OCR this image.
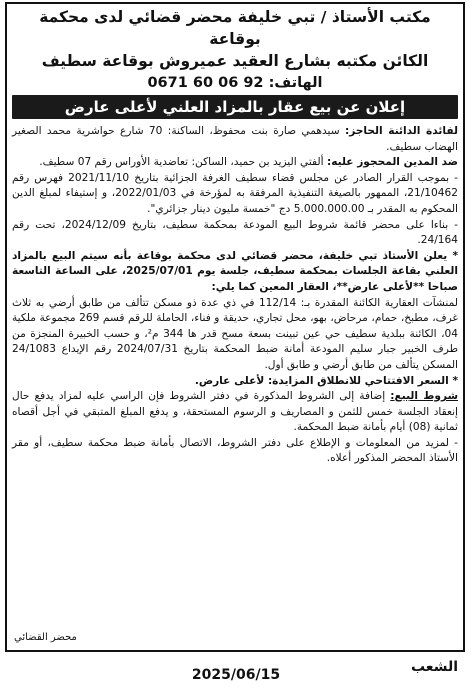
مكتب الأستاذ / تبي خليفة محضر قضائي لدى محكمة بوقاعة
الكائن مكتبه بشارع العقيد عميروش بوقاعة سطيف
الهاتف: 0671 60 06 92
إعلان عن بيع عقار بالمزاد العلني لأعلى عارض

لفائدة الدائنة الحاجز: سيدهمي صارة بنت محفوظ، الساكنة: 70 شارع حواشرية محمد الصغير الهضاب سطيف.

ضد المدين المحجوز عليه: ألفتي اليزيد بن حميد، الساكن: تعاضدية الأوراس رقم 07 سطيف.

- بموجب القرار الصادر عن مجلس قضاء سطيف الغرفة الجزائية بتاريخ 2021/11/10 فهرس رقم 21/10462، الممهور بالصيغة التنفيذية المرفقة به لمؤرخة في 2022/01/03، و إستيفاء لمبلغ الدين المحكوم به المقدر بـ 5.000.000.00 دج "خمسة مليون دينار جزائري".

- بناءا على محضر قائمة شروط البيع المودعة بمحكمة سطيف، بتاريخ 2024/12/09، تحت رقم 24/164.

* يعلن الأستاذ تبي خليفة، محضر قضائي لدى محكمة بوقاعة بأنه سيتم البيع بالمزاد العلني بقاعة الجلسات بمحكمة سطيف، جلسة يوم 2025/07/01، على الساعة التاسعة صباحا **لأعلى عارض**، العقار المعين كما يلي:

لمنشآت العقارية الكائنة المقدرة بـ: 112/14 في ذي عدة ذو مسكن تتألف من طابق أرضي به ثلاث غرف، مطبخ، حمام، مرحاض، بهو، محل تجاري، حديقة و فناء، الحاملة للرقم قسم 269 مجموعة ملكية 04، الكائنة ببلدية سطيف حي عين تبينت بسعة مسح قدر ها 344 م²، و حسب الخبيرة المنجزة من طرف الخبير جبار سليم المودعة أمانة ضبط المحكمة بتاريخ 2024/07/31 رقم الإيداع 24/1083 المسكن يتألف من طابق أرضي و طابق أول.

* السعر الافتتاحي للانطلاق المزايدة: لأعلى عارض.

شروط البيع: إضافة إلى الشروط المذكورة في دفتر الشروط فإن الراسي عليه لمزاد يدفع حال إنعقاد الجلسة خمس للثمن و المصاريف و الرسوم المستحقة، و يدفع المبلغ المتبقي في أجل أقصاه ثمانية (08) أيام بأمانة ضبط المحكمة.

- لمزيد من المعلومات و الإطلاع على دفتر الشروط، الاتصال بأمانة ضبط محكمة سطيف، أو مقر الأستاذ المحضر المذكور أعلاه.

محضر القضائي
الشعب
2025/06/15
